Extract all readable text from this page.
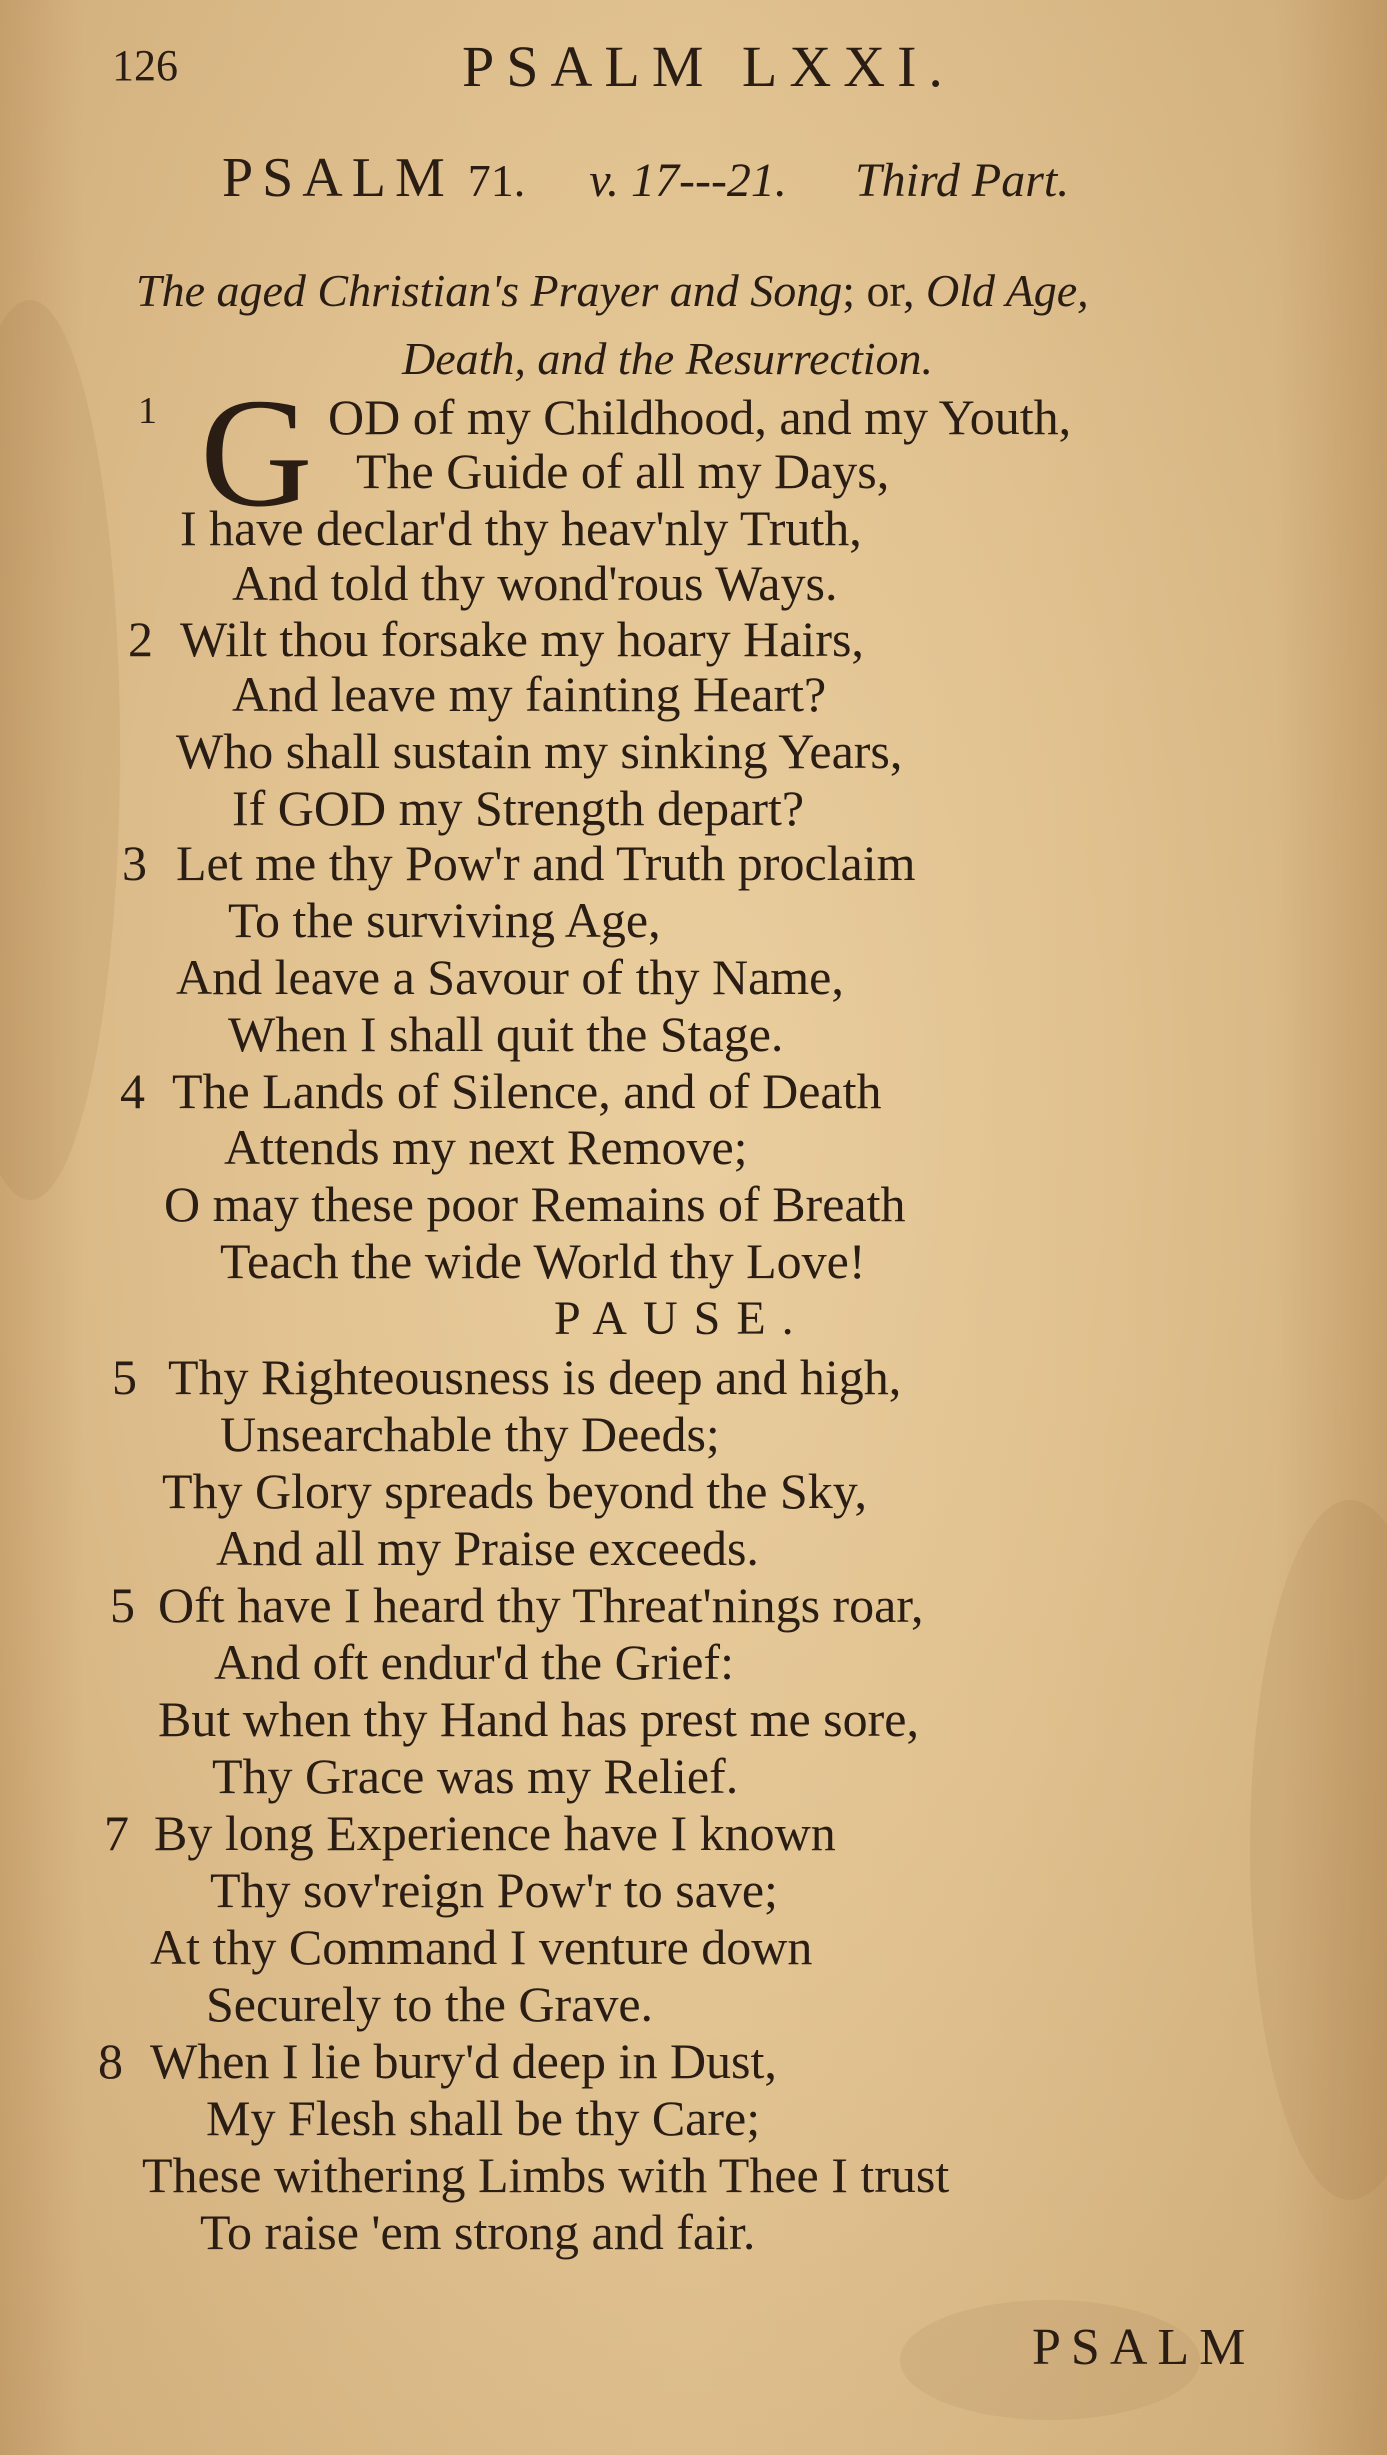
126	PSALM LXXI.
PSALM 71. v. 17---21. Third Part.
The aged Christian's Prayer and Song; or, Old Age,
Death, and the Resurrection.
1 G OD of my Childhood, and my Youth,
The Guide of all my Days,
I have declar'd thy heav'nly Truth,
And told thy wond'rous Ways.
2 Wilt thou forsake my hoary Hairs,
And leave my fainting Heart?
Who shall sustain my sinking Years,
If GOD my Strength depart?
3 Let me thy Pow'r and Truth proclaim
To the surviving Age,
And leave a Savour of thy Name,
When I shall quit the Stage.
4 The Lands of Silence, and of Death
Attends my next Remove;
O may these poor Remains of Breath
Teach the wide World thy Love!
PAUSE.
5 Thy Righteousness is deep and high,
Unsearchable thy Deeds;
Thy Glory spreads beyond the Sky,
And all my Praise exceeds.
5 Oft have I heard thy Threat'nings roar,
And oft endur'd the Grief:
But when thy Hand has prest me sore,
Thy Grace was my Relief.
7 By long Experience have I known
Thy sov'reign Pow'r to save;
At thy Command I venture down
Securely to the Grave.
8 When I lie bury'd deep in Dust,
My Flesh shall be thy Care;
These withering Limbs with Thee I trust
To raise 'em strong and fair.
PSALM
